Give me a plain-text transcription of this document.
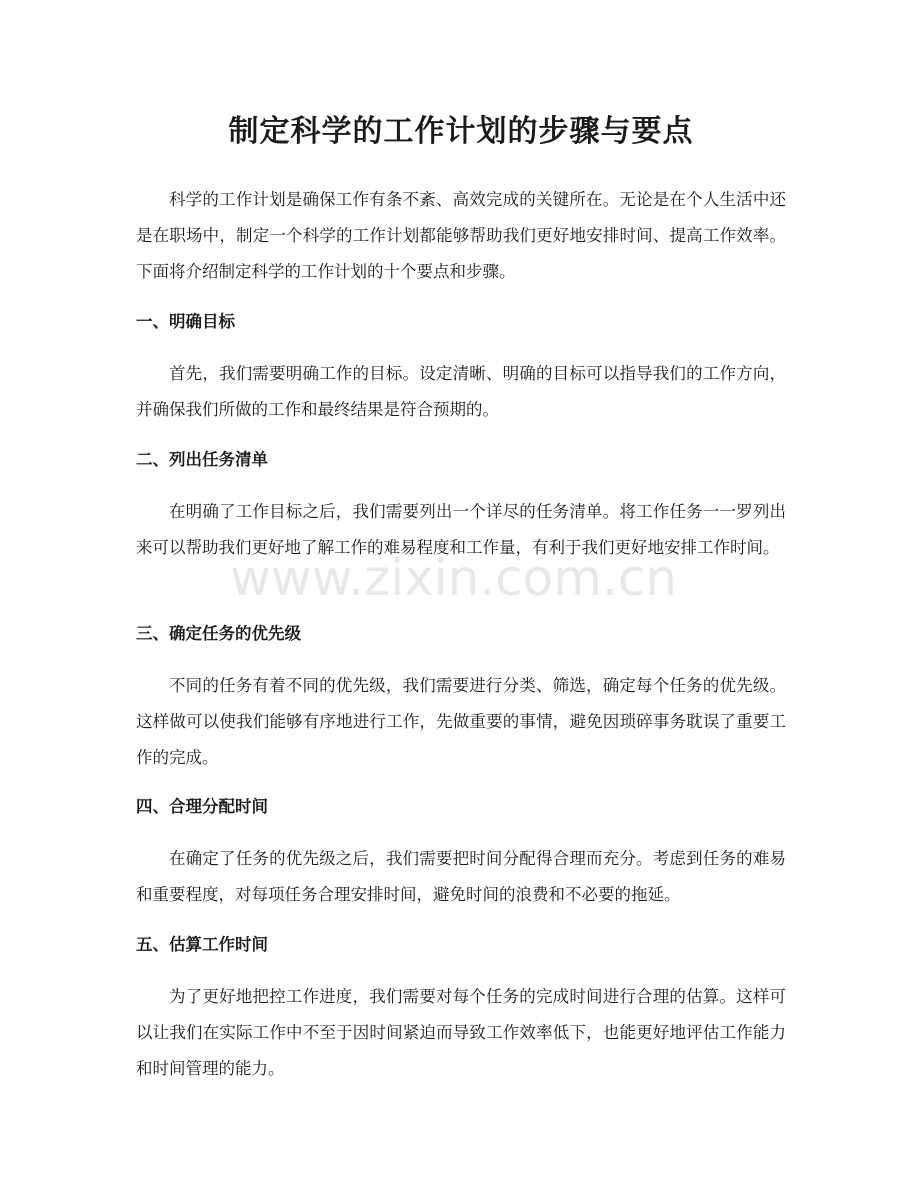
制定科学的工作计划的步骤与要点

科学的工作计划是确保工作有条不紊、高效完成的关键所在。无论是在个人生活中还是在职场中，制定一个科学的工作计划都能够帮助我们更好地安排时间、提高工作效率。下面将介绍制定科学的工作计划的十个要点和步骤。

一、明确目标

首先，我们需要明确工作的目标。设定清晰、明确的目标可以指导我们的工作方向，并确保我们所做的工作和最终结果是符合预期的。

二、列出任务清单

在明确了工作目标之后，我们需要列出一个详尽的任务清单。将工作任务一一罗列出来可以帮助我们更好地了解工作的难易程度和工作量，有利于我们更好地安排工作时间。

三、确定任务的优先级

不同的任务有着不同的优先级，我们需要进行分类、筛选，确定每个任务的优先级。这样做可以使我们能够有序地进行工作，先做重要的事情，避免因琐碎事务耽误了重要工作的完成。

四、合理分配时间

在确定了任务的优先级之后，我们需要把时间分配得合理而充分。考虑到任务的难易和重要程度，对每项任务合理安排时间，避免时间的浪费和不必要的拖延。

五、估算工作时间

为了更好地把控工作进度，我们需要对每个任务的完成时间进行合理的估算。这样可以让我们在实际工作中不至于因时间紧迫而导致工作效率低下，也能更好地评估工作能力和时间管理的能力。

www.zixin.com.cn
